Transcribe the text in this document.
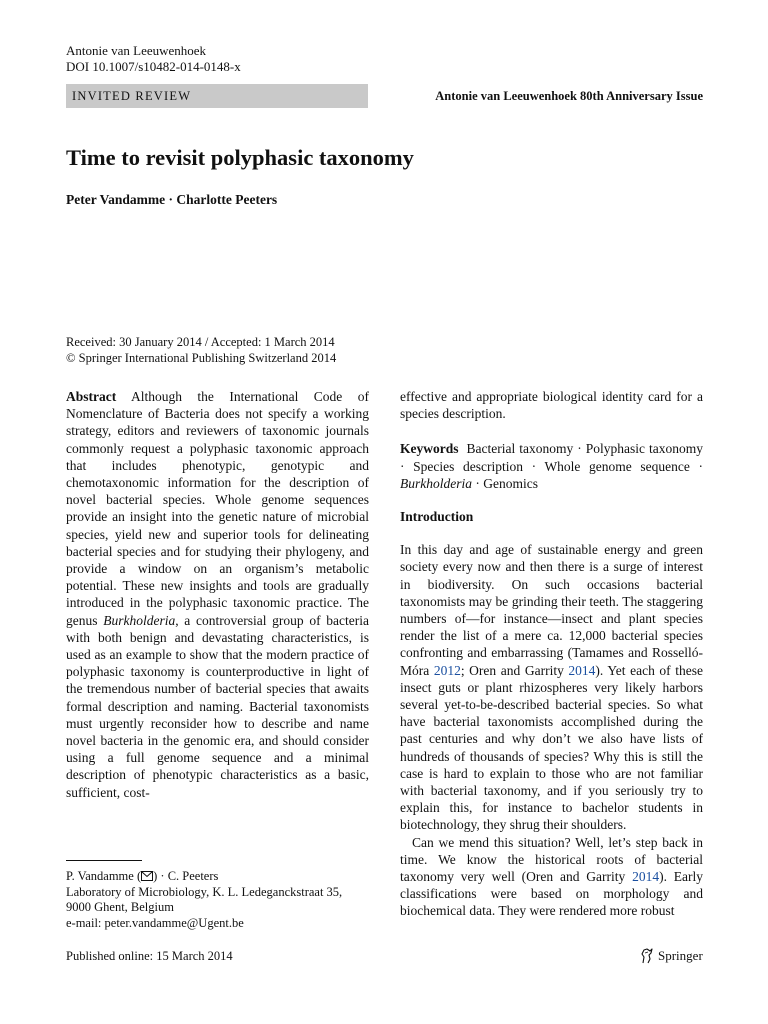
Antonie van Leeuwenhoek
DOI 10.1007/s10482-014-0148-x
INVITED REVIEW	Antonie van Leeuwenhoek 80th Anniversary Issue
Time to revisit polyphasic taxonomy
Peter Vandamme · Charlotte Peeters
Received: 30 January 2014 / Accepted: 1 March 2014
© Springer International Publishing Switzerland 2014

Abstract Although the International Code of Nomenclature of Bacteria does not specify a working strategy, editors and reviewers of taxonomic journals commonly request a polyphasic taxonomic approach that includes phenotypic, genotypic and chemotaxonomic information for the description of novel bacterial species. Whole genome sequences provide an insight into the genetic nature of microbial species, yield new and superior tools for delineating bacterial species and for studying their phylogeny, and provide a window on an organism’s metabolic potential. These new insights and tools are gradually introduced in the polyphasic taxonomic practice. The genus Burkholderia, a controversial group of bacteria with both benign and devastating characteristics, is used as an example to show that the modern practice of polyphasic taxonomy is counterproductive in light of the tremendous number of bacterial species that awaits formal description and naming. Bacterial taxonomists must urgently reconsider how to describe and name novel bacteria in the genomic era, and should consider using a full genome sequence and a minimal description of phenotypic characteristics as a basic, sufficient, cost-

effective and appropriate biological identity card for a species description.

Keywords Bacterial taxonomy · Polyphasic taxonomy · Species description · Whole genome sequence · Burkholderia · Genomics

Introduction

In this day and age of sustainable energy and green society every now and then there is a surge of interest in biodiversity. On such occasions bacterial taxonomists may be grinding their teeth. The staggering numbers of—for instance—insect and plant species render the list of a mere ca. 12,000 bacterial species confronting and embarrassing (Tamames and Rosselló-Móra 2012; Oren and Garrity 2014). Yet each of these insect guts or plant rhizospheres very likely harbors several yet-to-be-described bacterial species. So what have bacterial taxonomists accomplished during the past centuries and why don’t we also have lists of hundreds of thousands of species? Why this is still the case is hard to explain to those who are not familiar with bacterial taxonomy, and if you seriously try to explain this, for instance to bachelor students in biotechnology, they shrug their shoulders.

Can we mend this situation? Well, let’s step back in time. We know the historical roots of bacterial taxonomy very well (Oren and Garrity 2014). Early classifications were based on morphology and biochemical data. They were rendered more robust

P. Vandamme ( ) · C. Peeters
Laboratory of Microbiology, K. L. Ledeganckstraat 35,
9000 Ghent, Belgium
e-mail: peter.vandamme@Ugent.be
Published online: 15 March 2014	Springer
